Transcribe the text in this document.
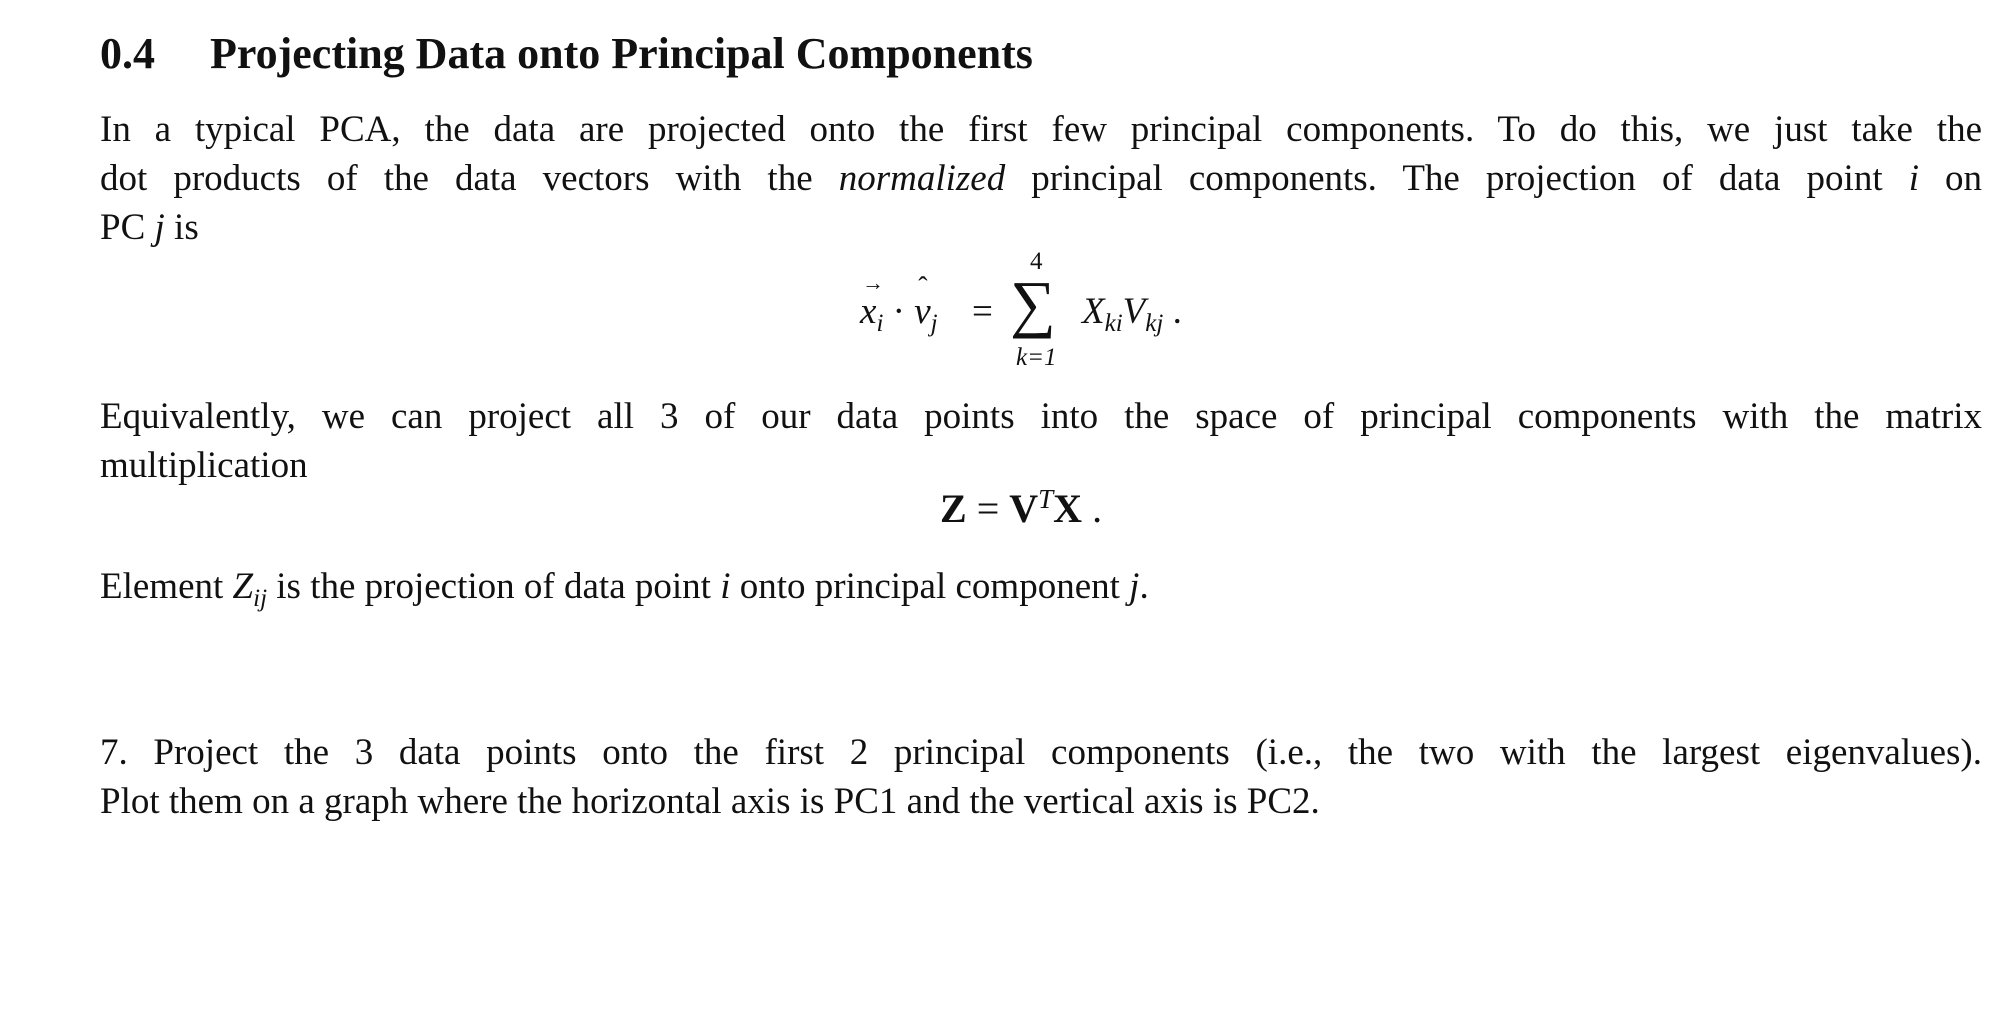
0.4 Projecting Data onto Principal Components
In a typical PCA, the data are projected onto the first few principal components. To do this, we just take the
dot products of the data vectors with the normalized principal components. The projection of data point i on
PC j is
→ $x_i$ · ˆ $v_j$ =
4
∑
k=1
$X_{ki}V_{kj}$ .
Equivalently, we can project all 3 of our data points into the space of principal components with the matrix
multiplication
$Z = V^TX$ .
Element $Z_{ij}$ is the projection of data point i onto principal component j.
7. Project the 3 data points onto the first 2 principal components (i.e., the two with the largest eigenvalues).
Plot them on a graph where the horizontal axis is PC1 and the vertical axis is PC2.
